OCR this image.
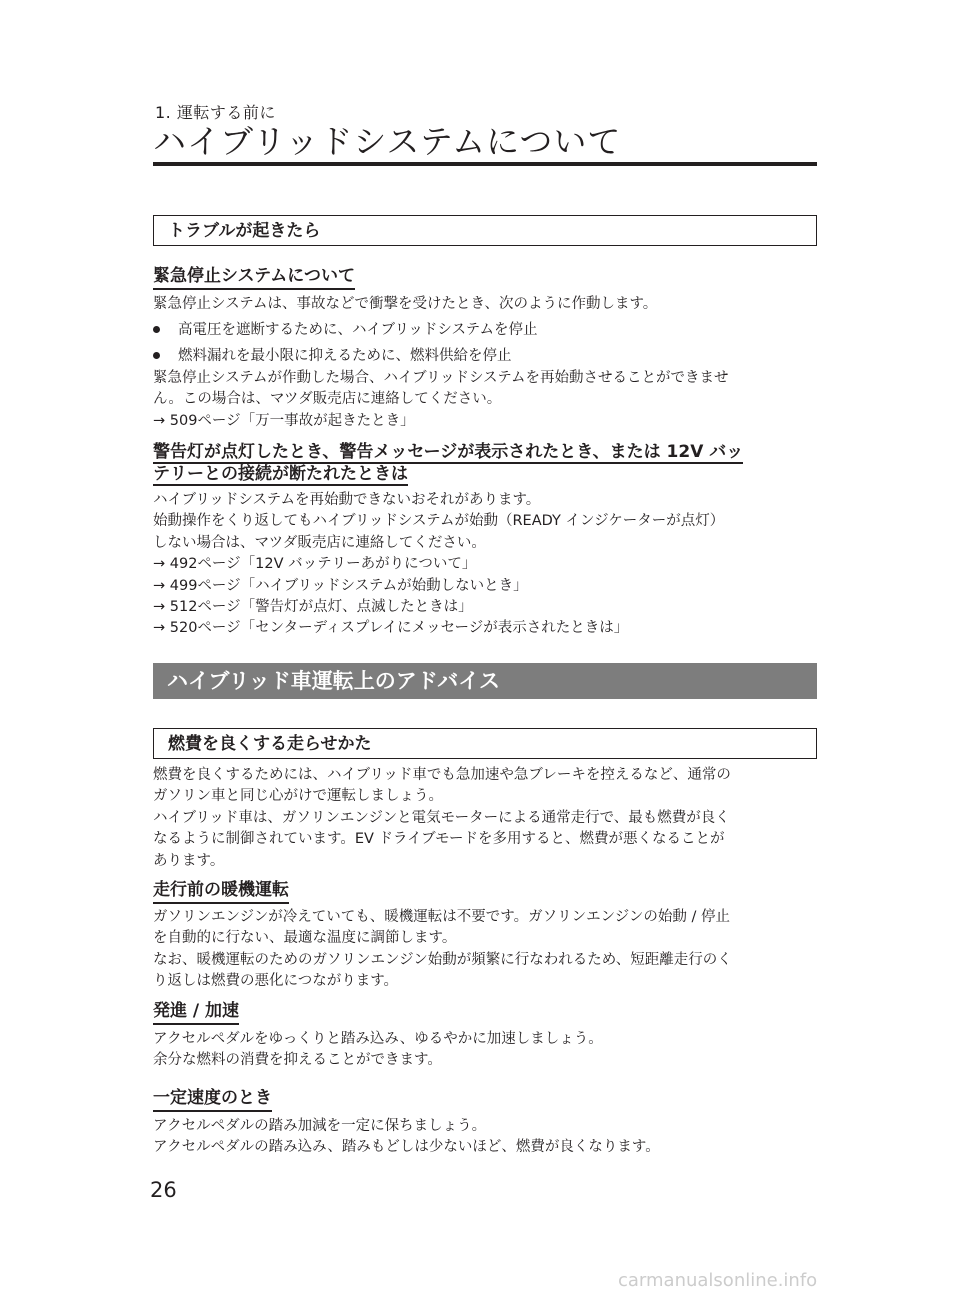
1. 運転する前に
ハイブリッドシステムについて
トラブルが起きたら
緊急停止システムについて
緊急停止システムは、事故などで衝撃を受けたとき、次のように作動します。
高電圧を遮断するために、ハイブリッドシステムを停止
燃料漏れを最小限に抑えるために、燃料供給を停止
緊急停止システムが作動した場合、ハイブリッドシステムを再始動させることができませ
ん。この場合は、マツダ販売店に連絡してください。
→ 509ページ「万一事故が起きたとき」
警告灯が点灯したとき、警告メッセージが表示されたとき、または 12V バッ
テリーとの接続が断たれたときは
ハイブリッドシステムを再始動できないおそれがあります。
始動操作をくり返してもハイブリッドシステムが始動（READY インジケーターが点灯）
しない場合は、マツダ販売店に連絡してください。
→ 492ページ「12V バッテリーあがりについて」
→ 499ページ「ハイブリッドシステムが始動しないとき」
→ 512ページ「警告灯が点灯、点滅したときは」
→ 520ページ「センターディスプレイにメッセージが表示されたときは」
ハイブリッド車運転上のアドバイス
燃費を良くする走らせかた
燃費を良くするためには、ハイブリッド車でも急加速や急ブレーキを控えるなど、通常の
ガソリン車と同じ心がけで運転しましょう。
ハイブリッド車は、ガソリンエンジンと電気モーターによる通常走行で、最も燃費が良く
なるように制御されています。EV ドライブモードを多用すると、燃費が悪くなることが
あります。
走行前の暖機運転
ガソリンエンジンが冷えていても、暖機運転は不要です。ガソリンエンジンの始動 / 停止
を自動的に行ない、最適な温度に調節します。
なお、暖機運転のためのガソリンエンジン始動が頻繁に行なわれるため、短距離走行のく
り返しは燃費の悪化につながります。
発進 / 加速
アクセルペダルをゆっくりと踏み込み、ゆるやかに加速しましょう。
余分な燃料の消費を抑えることができます。
一定速度のとき
アクセルペダルの踏み加減を一定に保ちましょう。
アクセルペダルの踏み込み、踏みもどしは少ないほど、燃費が良くなります。
26
carmanualsonline.info
